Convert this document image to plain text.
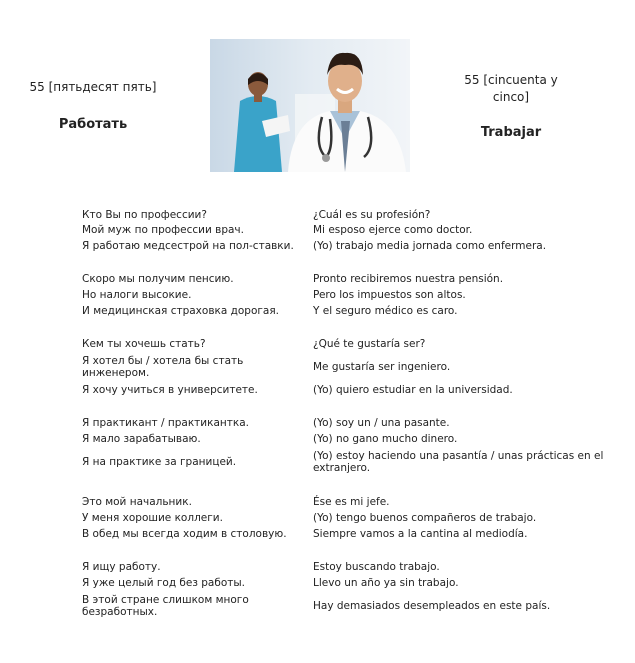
55 [пятьдесят пять]
Работать
55 [cincuenta y cinco]
Trabajar
Кто Вы по профессии?	¿Cuál es su profesión?
Мой муж по профессии врач.	Mi esposo ejerce como doctor.
Я работаю медсестрой на пол-ставки.	(Yo) trabajo media jornada como enfermera.
Скоро мы получим пенсию.	Pronto recibiremos nuestra pensión.
Но налоги высокие.	Pero los impuestos son altos.
И медицинская страховка дорогая.	Y el seguro médico es caro.
Кем ты хочешь стать?	¿Qué te gustaría ser?
Я хотел бы / хотела бы стать инженером.	Me gustaría ser ingeniero.
Я хочу учиться в университете.	(Yo) quiero estudiar en la universidad.
Я практикант / практикантка.	(Yo) soy un / una pasante.
Я мало зарабатываю.	(Yo) no gano mucho dinero.
Я на практике за границей.	(Yo) estoy haciendo una pasantía / unas prácticas en el extranjero.
Это мой начальник.	Ése es mi jefe.
У меня хорошие коллеги.	(Yo) tengo buenos compañeros de trabajo.
В обед мы всегда ходим в столовую.	Siempre vamos a la cantina al mediodía.
Я ищу работу.	Estoy buscando trabajo.
Я уже целый год без работы.	Llevo un año ya sin trabajo.
В этой стране слишком много безработных.	Hay demasiados desempleados en este país.
